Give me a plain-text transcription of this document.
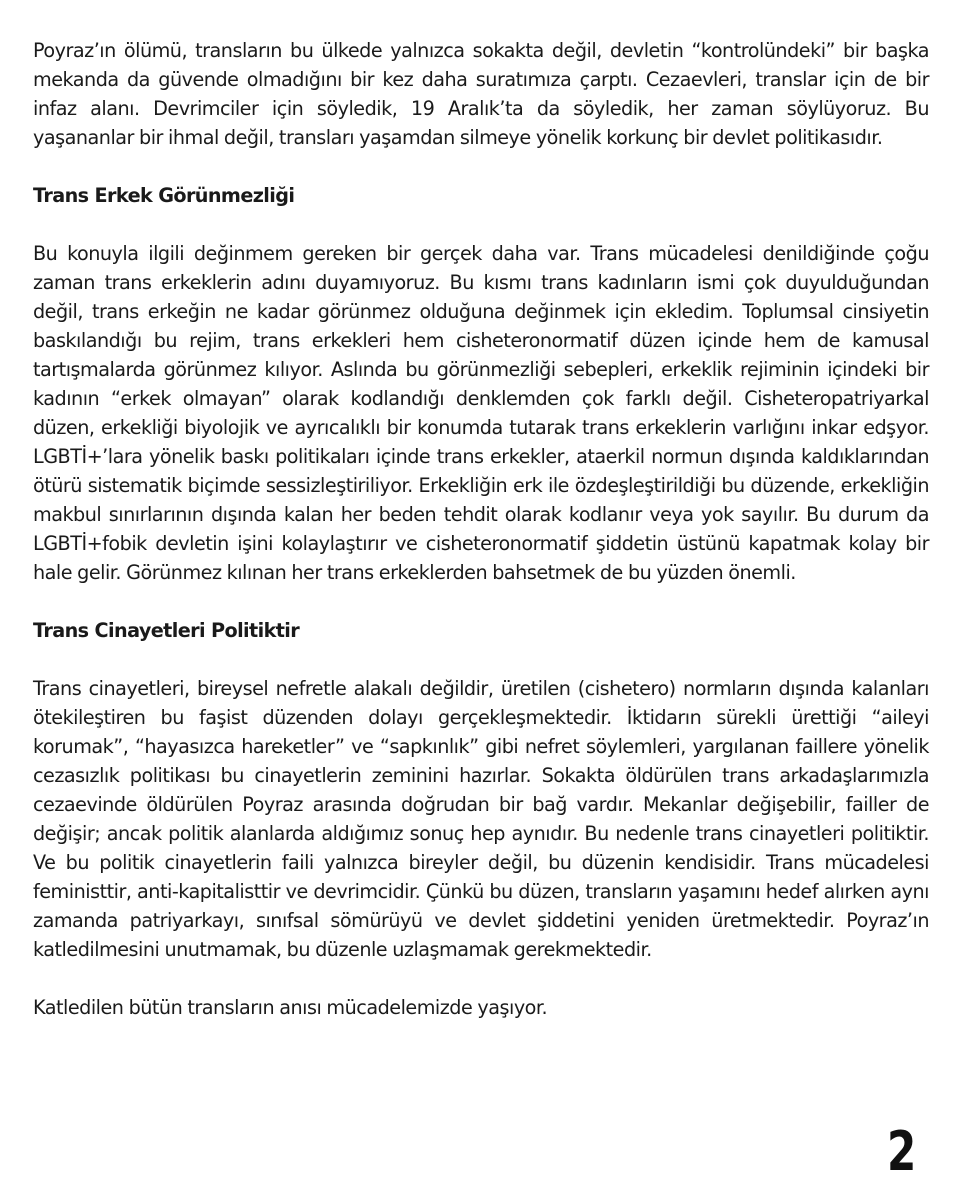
Poyraz’ın ölümü, transların bu ülkede yalnızca sokakta değil, devletin “kontrolündeki” bir başka mekanda da güvende olmadığını bir kez daha suratımıza çarptı. Cezaevleri, translar için de bir infaz alanı. Devrimciler için söyledik, 19 Aralık’ta da söyledik, her zaman söylüyoruz. Bu yaşananlar bir ihmal değil, transları yaşamdan silmeye yönelik korkunç bir devlet politikasıdır.

Trans Erkek Görünmezliği

Bu konuyla ilgili değinmem gereken bir gerçek daha var. Trans mücadelesi denildiğinde çoğu zaman trans erkeklerin adını duyamıyoruz. Bu kısmı trans kadınların ismi çok duyulduğundan değil, trans erkeğin ne kadar görünmez olduğuna değinmek için ekledim. Toplumsal cinsiyetin baskılandığı bu rejim, trans erkekleri hem cisheteronormatif düzen içinde hem de kamusal tartışmalarda görünmez kılıyor. Aslında bu görünmezliği sebepleri, erkeklik rejiminin içindeki bir kadının “erkek olmayan” olarak kodlandığı denklemden çok farklı değil. Cisheteropatriyarkal düzen, erkekliği biyolojik ve ayrıcalıklı bir konumda tutarak trans erkeklerin varlığını inkar edşyor. LGBTİ+’lara yönelik baskı politikaları içinde trans erkekler, ataerkil normun dışında kaldıklarından ötürü sistematik biçimde sessizleştiriliyor. Erkekliğin erk ile özdeşleştirildiği bu düzende, erkekliğin makbul sınırlarının dışında kalan her beden tehdit olarak kodlanır veya yok sayılır. Bu durum da LGBTİ+fobik devletin işini kolaylaştırır ve cisheteronormatif şiddetin üstünü kapatmak kolay bir hale gelir. Görünmez kılınan her trans erkeklerden bahsetmek de bu yüzden önemli.

Trans Cinayetleri Politiktir

Trans cinayetleri, bireysel nefretle alakalı değildir, üretilen (cishetero) normların dışında kalanları ötekileştiren bu faşist düzenden dolayı gerçekleşmektedir. İktidarın sürekli ürettiği “aileyi korumak”, “hayasızca hareketler” ve “sapkınlık” gibi nefret söylemleri, yargılanan faillere yönelik cezasızlık politikası bu cinayetlerin zeminini hazırlar. Sokakta öldürülen trans arkadaşlarımızla cezaevinde öldürülen Poyraz arasında doğrudan bir bağ vardır. Mekanlar değişebilir, failler de değişir; ancak politik alanlarda aldığımız sonuç hep aynıdır. Bu nedenle trans cinayetleri politiktir. Ve bu politik cinayetlerin faili yalnızca bireyler değil, bu düzenin kendisidir. Trans mücadelesi feministtir, anti-kapitalisttir ve devrimcidir. Çünkü bu düzen, transların yaşamını hedef alırken aynı zamanda patriyarkayı, sınıfsal sömürüyü ve devlet şiddetini yeniden üretmektedir. Poyraz’ın katledilmesini unutmamak, bu düzenle uzlaşmamak gerekmektedir.

Katledilen bütün transların anısı mücadelemizde yaşıyor.

2
